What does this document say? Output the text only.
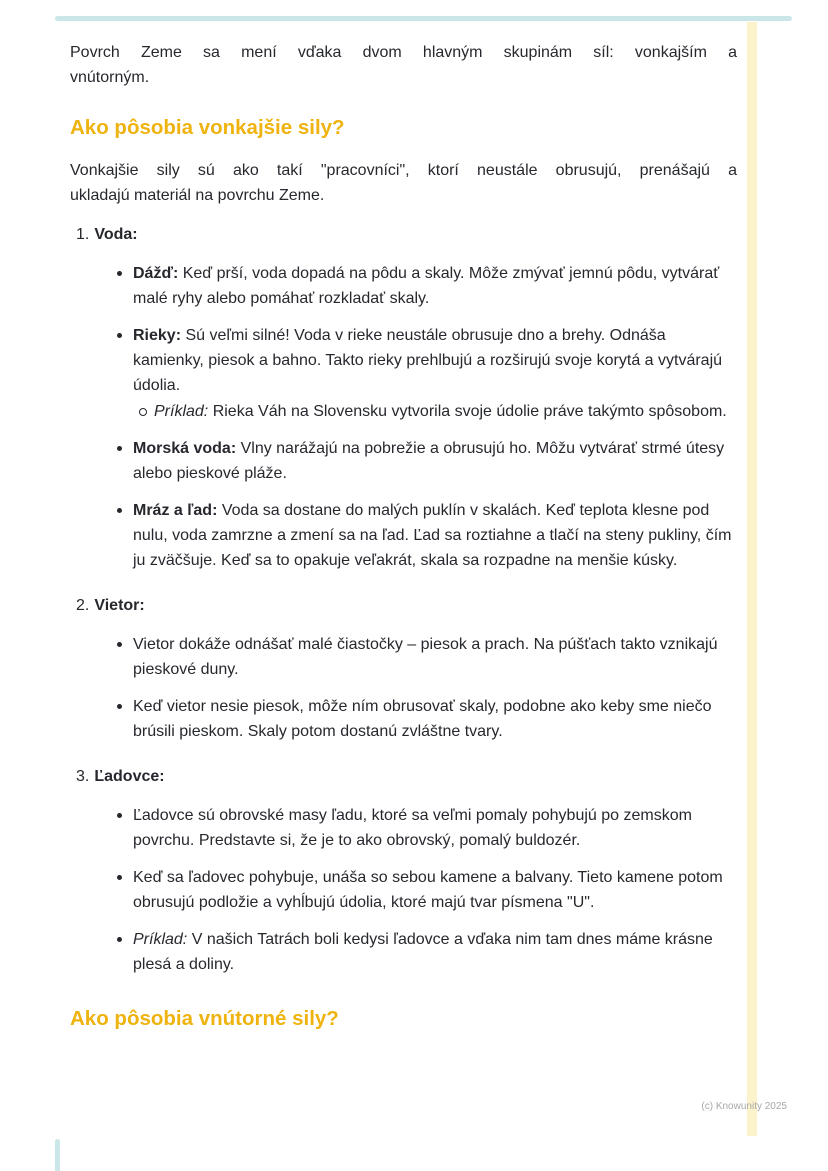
(c) Knowunity 2025
Povrch Zeme sa mení vďaka dvom hlavným skupinám síl: vonkajším a
vnútorným.
Ako pôsobia vonkajšie sily?
Vonkajšie sily sú ako takí "pracovníci", ktorí neustále obrusujú, prenášajú a
ukladajú materiál na povrchu Zeme.
1. Voda:

Dážď: Keď prší, voda dopadá na pôdu a skaly. Môže zmývať jemnú pôdu, vytvárať malé ryhy alebo pomáhať rozkladať skaly.

Rieky: Sú veľmi silné! Voda v rieke neustále obrusuje dno a brehy. Odnáša kamienky, piesok a bahno. Takto rieky prehlbujú a rozširujú svoje korytá a vytvárajú údolia.

Príklad: Rieka Váh na Slovensku vytvorila svoje údolie práve takýmto spôsobom.

Morská voda: Vlny narážajú na pobrežie a obrusujú ho. Môžu vytvárať strmé útesy alebo pieskové pláže.

Mráz a ľad: Voda sa dostane do malých puklín v skalách. Keď teplota klesne pod nulu, voda zamrzne a zmení sa na ľad. Ľad sa roztiahne a tlačí na steny pukliny, čím ju zväčšuje. Keď sa to opakuje veľakrát, skala sa rozpadne na menšie kúsky.

2. Vietor:

Vietor dokáže odnášať malé čiastočky – piesok a prach. Na púšťach takto vznikajú pieskové duny.

Keď vietor nesie piesok, môže ním obrusovať skaly, podobne ako keby sme niečo brúsili pieskom. Skaly potom dostanú zvláštne tvary.

3. Ľadovce:

Ľadovce sú obrovské masy ľadu, ktoré sa veľmi pomaly pohybujú po zemskom povrchu. Predstavte si, že je to ako obrovský, pomalý buldozér.

Keď sa ľadovec pohybuje, unáša so sebou kamene a balvany. Tieto kamene potom obrusujú podložie a vyhĺbujú údolia, ktoré majú tvar písmena "U".

Príklad: V našich Tatrách boli kedysi ľadovce a vďaka nim tam dnes máme krásne plesá a doliny.

Ako pôsobia vnútorné sily?
